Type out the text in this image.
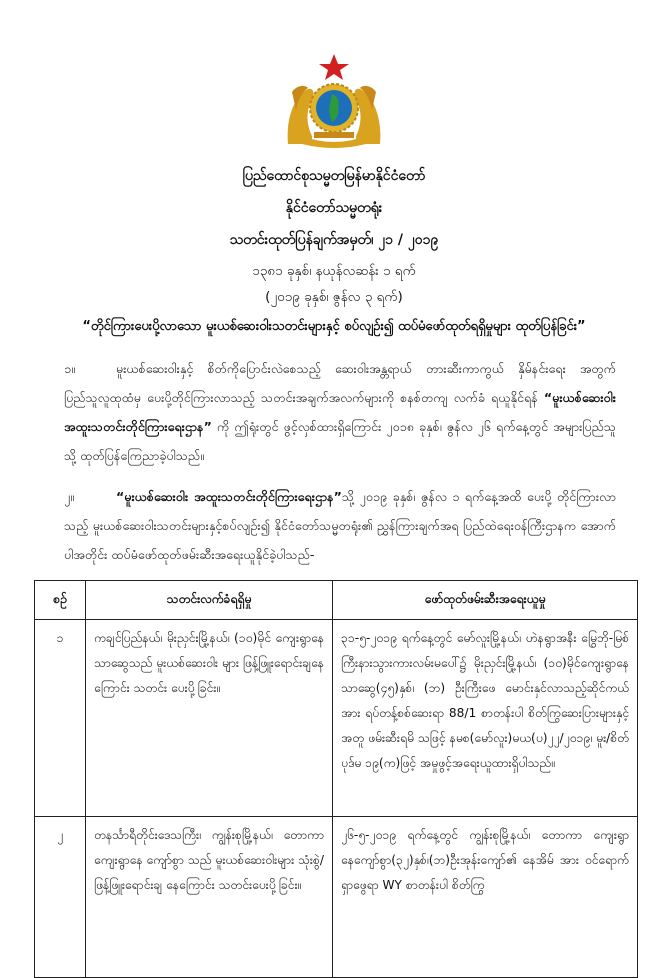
ပြည်ထောင်စုသမ္မတမြန်မာနိုင်ငံတော်
နိုင်ငံတော်သမ္မတရုံး
သတင်းထုတ်ပြန်ချက်အမှတ်၊ ၂၁ / ၂၀၁၉
၁၃၈၁ ခုနှစ်၊ နယုန်လဆန်း ၁ ရက်
(၂၀၁၉ ခုနှစ်၊ ဇွန်လ ၃ ရက်)
“တိုင်ကြားပေးပို့လာသော မူးယစ်ဆေးဝါးသတင်းများနှင့် စပ်လျဉ်း၍ ထပ်မံဖော်ထုတ်ရရှိမှုများ ထုတ်ပြန်ခြင်း”
၁။	မူးယစ်ဆေးဝါးနှင့် စိတ်ကိုပြောင်းလဲစေသည့် ဆေးဝါးအန္တရာယ် တားဆီးကာကွယ် နှိမ်နင်းရေး အတွက် ပြည်သူလူထုထံမှ ပေးပို့တိုင်ကြားလာသည့် သတင်းအချက်အလက်များကို စနစ်တကျ လက်ခံ ရယူနိုင်ရန် “မူးယစ်ဆေးဝါး အထူးသတင်းတိုင်ကြားရေးဌာန” ကို ဤရုံးတွင် ဖွင့်လှစ်ထားရှိကြောင်း ၂၀၁၈ ခုနှစ်၊ ဇွန်လ ၂၆ ရက်နေ့တွင် အများပြည်သူသို့ ထုတ်ပြန်ကြေညာခဲ့ပါသည်။
၂။	“မူးယစ်ဆေးဝါး အထူးသတင်းတိုင်ကြားရေးဌာန”သို့ ၂၀၁၉ ခုနှစ်၊ ဇွန်လ ၁ ရက်နေ့အထိ ပေးပို့ တိုင်ကြားလာသည့် မူးယစ်ဆေးဝါးသတင်းများနှင့်စပ်လျဉ်း၍ နိုင်ငံတော်သမ္မတရုံး၏ ညွှန်ကြားချက်အရ ပြည်ထဲရေးဝန်ကြီးဌာနက အောက်ပါအတိုင်း ထပ်မံဖော်ထုတ်ဖမ်းဆီးအရေးယူနိုင်ခဲ့ပါသည်-
စဉ်	သတင်းလက်ခံရရှိမှု	ဖော်ထုတ်ဖမ်းဆီးအရေးယူမှု
၁	ကချင်ပြည်နယ်၊ မိုးညှင်းမြို့နယ်၊ (၁၀)မိုင် ကျေးရွာနေ သာဆွေသည် မူးယစ်ဆေးဝါး များ ဖြန့်ဖြူးရောင်းချနေကြောင်း သတင်း ပေးပို့ခြင်း။	၃၁-၅-၂၀၁၉ ရက်နေ့တွင် မော်လူးမြို့နယ်၊ ဟဲနရွာအနီး မြွေဘို-မြစ်ကြီးနားသွားကားလမ်းမပေါ်၌ မိုးညှင်းမြို့နယ်၊ (၁၀)မိုင်ကျေးရွာနေ သာဆွေ(၄၅)နှစ်၊ (ဘ) ဦးကြီးဖေ မောင်းနှင်လာသည့်ဆိုင်ကယ်အား ရပ်တန့်စစ်ဆေးရာ 88/1 စာတန်းပါ စိတ်ကြွဆေးပြားများနှင့်အတူ ဖမ်းဆီးရမိ သဖြင့် နမစ(မော်လူး)မယ(ပ)၂၂/၂၀၁၉၊ မူး/စိတ်ပုဒ်မ ၁၉(က)ဖြင့် အမှုဖွင့်အရေးယူထားရှိပါသည်။
၂	တနင်္သာရီတိုင်းဒေသကြီး၊ ကျွန်းစုမြို့နယ်၊ တောကာကျေးရွာနေ ကျော်စွာ သည် မူးယစ်ဆေးဝါးများ သုံးစွဲ/ဖြန့်ဖြူးရောင်းချ နေကြောင်း သတင်းပေးပို့ခြင်း။	၂၆-၅-၂၀၁၉ ရက်နေ့တွင် ကျွန်းစုမြို့နယ်၊ တောကာ ကျေးရွာနေကျော်စွာ(၃၂)နှစ်၊(ဘ)ဦးအုန်းကျော်၏ နေအိမ် အား ဝင်ရောက်ရှာဖွေရာ WY စာတန်းပါ စိတ်ကြွ
